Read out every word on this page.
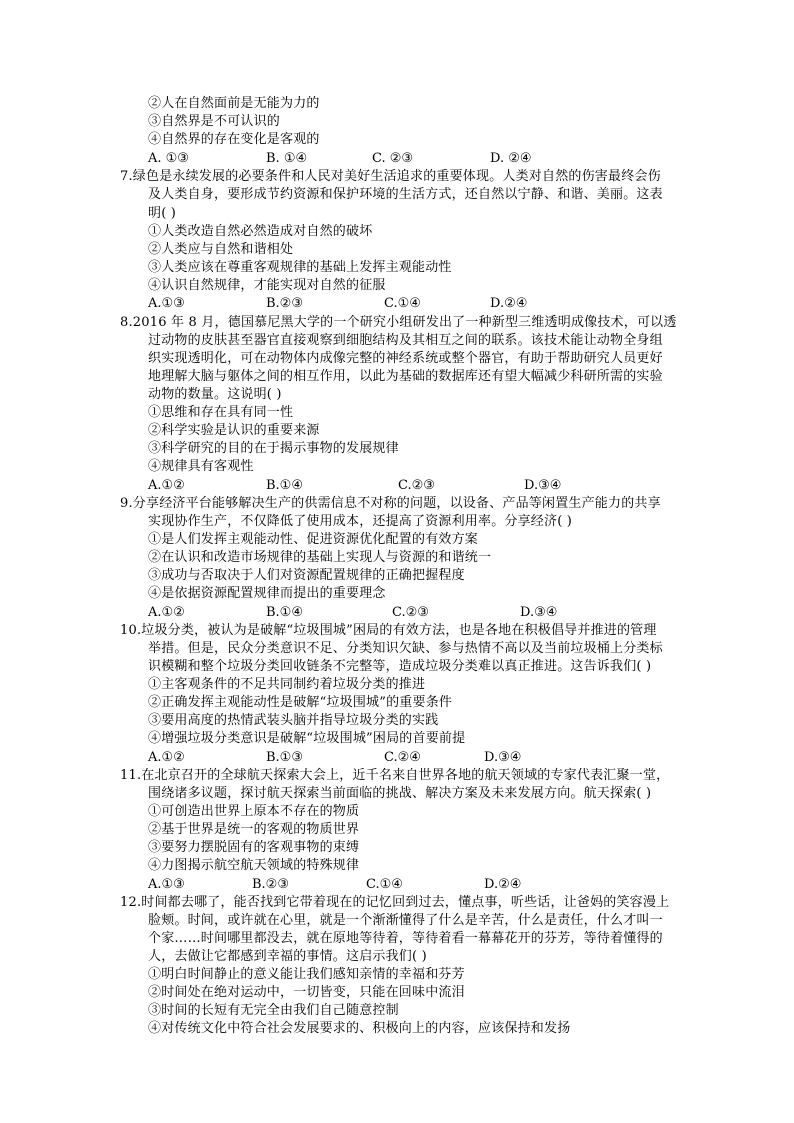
②人在自然面前是无能为力的
③自然界是不可认识的
④自然界的存在变化是客观的
A. ①③	B. ①④	C. ②③	D. ②④
7.绿色是永续发展的必要条件和人民对美好生活追求的重要体现。人类对自然的伤害最终会伤
及人类自身，要形成节约资源和保护环境的生活方式，还自然以宁静、和谐、美丽。这表
明( )
①人类改造自然必然造成对自然的破坏
②人类应与自然和谐相处
③人类应该在尊重客观规律的基础上发挥主观能动性
④认识自然规律，才能实现对自然的征服
A.①③	B.②③	C.①④	D.②④
8.2016 年 8 月，德国慕尼黑大学的一个研究小组研发出了一种新型三维透明成像技术，可以透
过动物的皮肤甚至器官直接观察到细胞结构及其相互之间的联系。该技术能让动物全身组
织实现透明化，可在动物体内成像完整的神经系统或整个器官，有助于帮助研究人员更好
地理解大脑与躯体之间的相互作用，以此为基础的数据库还有望大幅减少科研所需的实验
动物的数量。这说明( )
①思维和存在具有同一性
②科学实验是认识的重要来源
③科学研究的目的在于揭示事物的发展规律
④规律具有客观性
A.①②	B.①④	C.②③	D.③④
9.分享经济平台能够解决生产的供需信息不对称的问题，以设备、产品等闲置生产能力的共享
实现协作生产，不仅降低了使用成本，还提高了资源利用率。分享经济( )
①是人们发挥主观能动性、促进资源优化配置的有效方案
②在认识和改造市场规律的基础上实现人与资源的和谐统一
③成功与否取决于人们对资源配置规律的正确把握程度
④是依据资源配置规律而提出的重要理念
A.①②	B.①④	C.②③	D.③④
10.垃圾分类，被认为是破解“垃圾围城”困局的有效方法，也是各地在积极倡导并推进的管理
举措。但是，民众分类意识不足、分类知识欠缺、参与热情不高以及当前垃圾桶上分类标
识模糊和整个垃圾分类回收链条不完整等，造成垃圾分类难以真正推进。这告诉我们( )
①主客观条件的不足共同制约着垃圾分类的推进
②正确发挥主观能动性是破解“垃圾围城”的重要条件
③要用高度的热情武装头脑并指导垃圾分类的实践
④增强垃圾分类意识是破解“垃圾围城”困局的首要前提
A.①②	B.①③	C.②④	D.③④
11.在北京召开的全球航天探索大会上，近千名来自世界各地的航天领域的专家代表汇聚一堂，
围绕诸多议题，探讨航天探索当前面临的挑战、解决方案及未来发展方向。航天探索( )
①可创造出世界上原本不存在的物质
②基于世界是统一的客观的物质世界
③要努力摆脱固有的客观事物的束缚
④力图揭示航空航天领域的特殊规律
A.①③	B.②③	C.①④	D.②④
12.时间都去哪了，能否找到它带着现在的记忆回到过去，懂点事，听些话，让爸妈的笑容漫上
脸颊。时间，或许就在心里，就是一个渐渐懂得了什么是辛苦，什么是责任，什么才叫一
个家……时间哪里都没去，就在原地等待着，等待着看一幕幕花开的芬芳，等待着懂得的
人，去做让它都感到幸福的事情。这启示我们( )
①明白时间静止的意义能让我们感知亲情的幸福和芬芳
②时间处在绝对运动中，一切皆变，只能在回味中流泪
③时间的长短有无完全由我们自己随意控制
④对传统文化中符合社会发展要求的、积极向上的内容，应该保持和发扬
